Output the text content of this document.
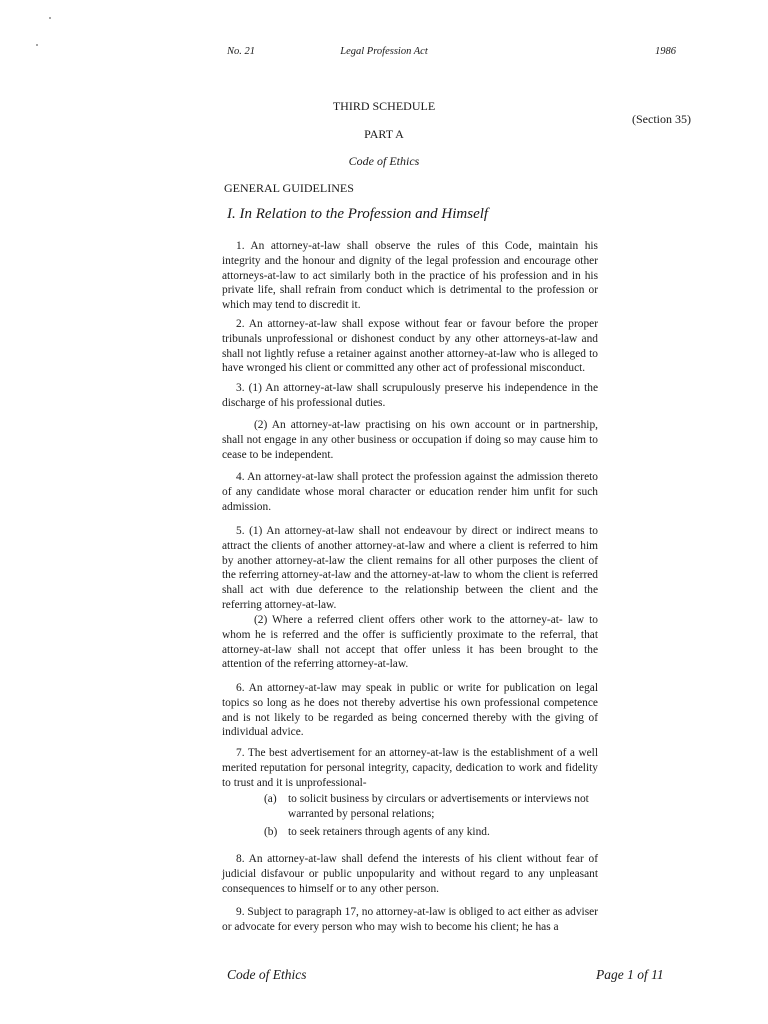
No. 21	Legal Profession Act	1986
THIRD SCHEDULE
(Section 35)
PART A
Code of Ethics
GENERAL GUIDELINES
I. In Relation to the Profession and Himself

1. An attorney-at-law shall observe the rules of this Code, maintain his integrity and the honour and dignity of the legal profession and encourage other attorneys-at-law to act similarly both in the practice of his profession and in his private life, shall refrain from conduct which is detrimental to the profession or which may tend to discredit it.

2. An attorney-at-law shall expose without fear or favour before the proper tribunals unprofessional or dishonest conduct by any other attorneys-at-law and shall not lightly refuse a retainer against another attorney-at-law who is alleged to have wronged his client or committed any other act of professional misconduct.

3. (1) An attorney-at-law shall scrupulously preserve his independence in the discharge of his professional duties.

(2) An attorney-at-law practising on his own account or in partnership, shall not engage in any other business or occupation if doing so may cause him to cease to be independent.

4. An attorney-at-law shall protect the profession against the admission thereto of any candidate whose moral character or education render him unfit for such admission.

5. (1) An attorney-at-law shall not endeavour by direct or indirect means to attract the clients of another attorney-at-law and where a client is referred to him by another attorney-at-law the client remains for all other purposes the client of the referring attorney-at-law and the attorney-at-law to whom the client is referred shall act with due deference to the relationship between the client and the referring attorney-at-law.

(2) Where a referred client offers other work to the attorney-at- law to whom he is referred and the offer is sufficiently proximate to the referral, that attorney-at-law shall not accept that offer unless it has been brought to the attention of the referring attorney-at-law.

6. An attorney-at-law may speak in public or write for publication on legal topics so long as he does not thereby advertise his own professional competence and is not likely to be regarded as being concerned thereby with the giving of individual advice.

7. The best advertisement for an attorney-at-law is the establishment of a well merited reputation for personal integrity, capacity, dedication to work and fidelity to trust and it is unprofessional-

(a) to solicit business by circulars or advertisements or interviews not warranted by personal relations;
(b) to seek retainers through agents of any kind.

8. An attorney-at-law shall defend the interests of his client without fear of judicial disfavour or public unpopularity and without regard to any unpleasant consequences to himself or to any other person.

9. Subject to paragraph 17, no attorney-at-law is obliged to act either as adviser or advocate for every person who may wish to become his client; he has a

Code of Ethics	Page 1 of 11
